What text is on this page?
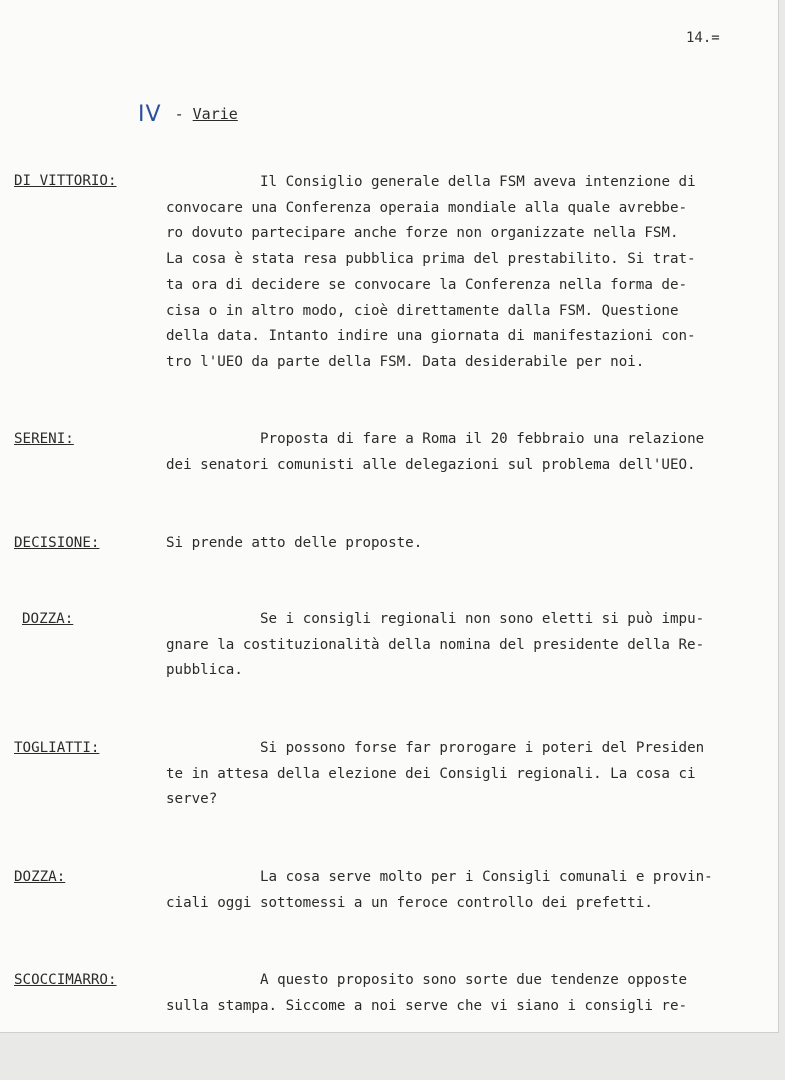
14.=
IV - Varie
DI VITTORIO:	Il Consiglio generale della FSM aveva intenzione di
convocare una Conferenza operaia mondiale alla quale avrebbe-
ro dovuto partecipare anche forze non organizzate nella FSM.
La cosa è stata resa pubblica prima del prestabilito. Si trat-
ta ora di decidere se convocare la Conferenza nella forma de-
cisa o in altro modo, cioè direttamente dalla FSM. Questione
della data. Intanto indire una giornata di manifestazioni con-
tro l'UEO da parte della FSM. Data desiderabile per noi.
SERENI:	Proposta di fare a Roma il 20 febbraio una relazione
dei senatori comunisti alle delegazioni sul problema dell'UEO.
DECISIONE:	Si prende atto delle proposte.
DOZZA:	Se i consigli regionali non sono eletti si può impu-
gnare la costituzionalità della nomina del presidente della Re-
pubblica.
TOGLIATTI:	Si possono forse far prorogare i poteri del Presiden
te in attesa della elezione dei Consigli regionali. La cosa ci
serve?
DOZZA:	La cosa serve molto per i Consigli comunali e provin-
ciali oggi sottomessi a un feroce controllo dei prefetti.
SCOCCIMARRO:	A questo proposito sono sorte due tendenze opposte
sulla stampa. Siccome a noi serve che vi siano i consigli re-
